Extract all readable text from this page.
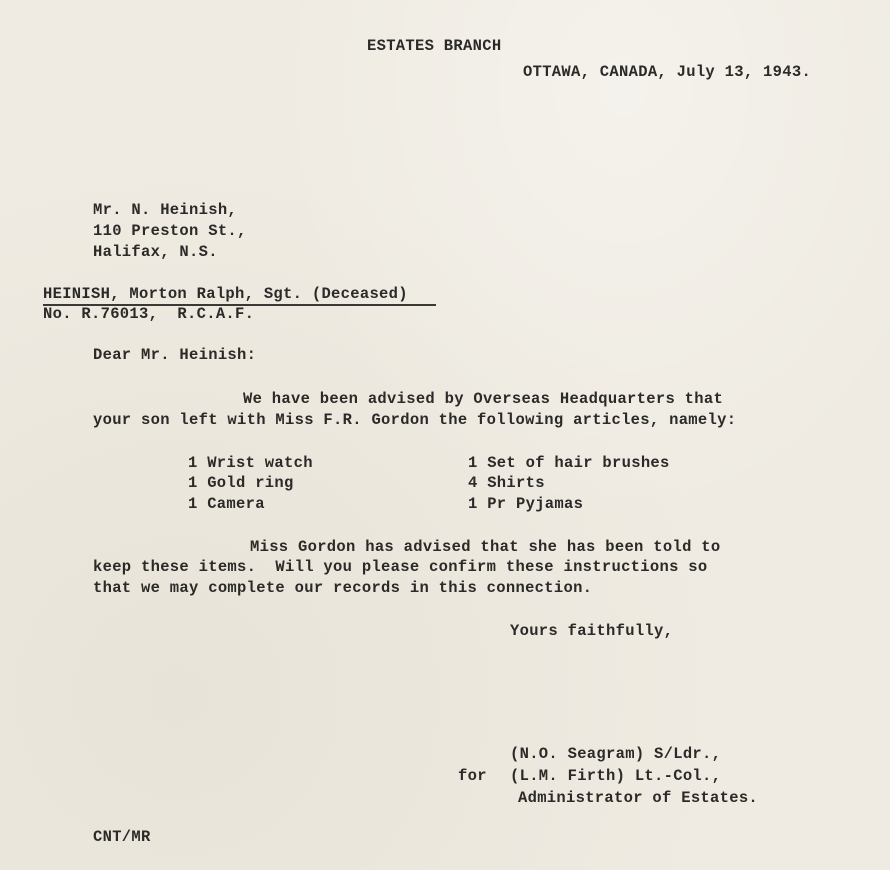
ESTATES BRANCH
OTTAWA, CANADA, July 13, 1943.
Mr. N. Heinish,
110 Preston St.,
Halifax, N.S.
HEINISH, Morton Ralph, Sgt. (Deceased)
No. R.76013,  R.C.A.F.
Dear Mr. Heinish:
We have been advised by Overseas Headquarters that
your son left with Miss F.R. Gordon the following articles, namely:
1 Wrist watch
1 Gold ring
1 Camera
1 Set of hair brushes
4 Shirts
1 Pr Pyjamas
Miss Gordon has advised that she has been told to
keep these items.  Will you please confirm these instructions so
that we may complete our records in this connection.
Yours faithfully,
(N.O. Seagram) S/Ldr.,
for (L.M. Firth) Lt.-Col.,
Administrator of Estates.
CNT/MR
